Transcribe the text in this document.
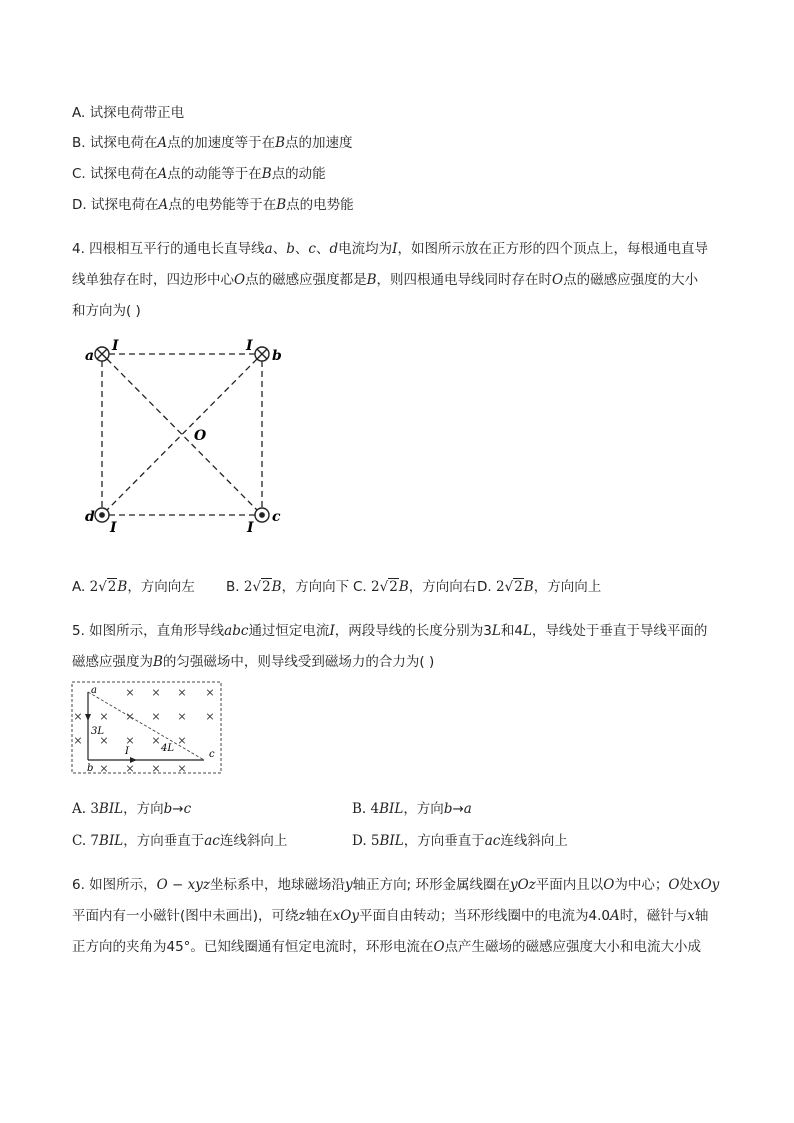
A. 试探电荷带正电
B. 试探电荷在A点的加速度等于在B点的加速度
C. 试探电荷在A点的动能等于在B点的动能
D. 试探电荷在A点的电势能等于在B点的电势能
4. 四根相互平行的通电长直导线a、b、c、d电流均为I，如图所示放在正方形的四个顶点上，每根通电直导
线单独存在时，四边形中心O点的磁感应强度都是B，则四根通电导线同时存在时O点的磁感应强度的大小
和方向为( )
a
I	I
b
O
d
I	I
c
A. 2√2B，方向向左 B. 2√2B，方向向下 C. 2√2B，方向向右 D. 2√2B，方向向上
5. 如图所示，直角形导线abc通过恒定电流I，两段导线的长度分别为3L和4L，导线处于垂直于导线平面的
磁感应强度为B的匀强磁场中，则导线受到磁场力的合力为( )
× × × ×
× × × × × ×
× × × × ×
× × × ×
a
b
c
3L
4L
I
A. 3BIL，方向b→c	B. 4BIL，方向b→a
C. 7BIL，方向垂直于ac连线斜向上	D. 5BIL，方向垂直于ac连线斜向上
6. 如图所示，O − xyz坐标系中，地球磁场沿y轴正方向; 环形金属线圈在yOz平面内且以O为中心；O处xOy
平面内有一小磁针(图中未画出)，可绕z轴在xOy平面自由转动；当环形线圈中的电流为4.0A时，磁针与x轴
正方向的夹角为45°。已知线圈通有恒定电流时，环形电流在O点产生磁场的磁感应强度大小和电流大小成
